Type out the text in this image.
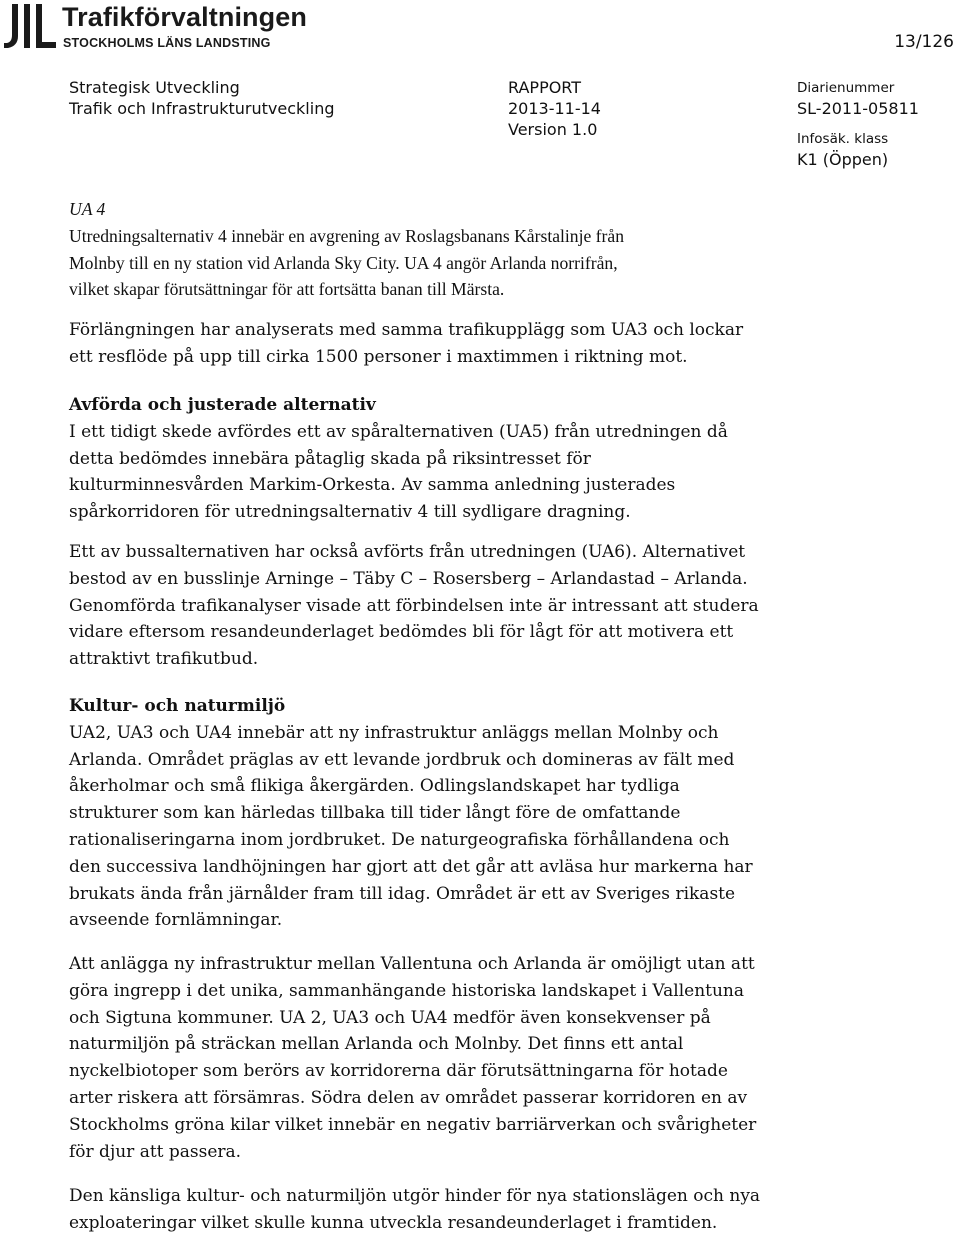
Trafikförvaltningen
STOCKHOLMS LÄNS LANDSTING	13/126
Strategisk Utveckling
Trafik och Infrastrukturutveckling
RAPPORT
2013-11-14
Version 1.0
Diarienummer
SL-2011-05811
Infosäk. klass
K1 (Öppen)

UA 4

Utredningsalternativ 4 innebär en avgrening av Roslagsbanans Kårstalinje från

Molnby till en ny station vid Arlanda Sky City. UA 4 angör Arlanda norrifrån,

vilket skapar förutsättningar för att fortsätta banan till Märsta.

Förlängningen har analyserats med samma trafikupplägg som UA3 och lockar

ett resflöde på upp till cirka 1500 personer i maxtimmen i riktning mot.

Avförda och justerade alternativ

I ett tidigt skede avfördes ett av spåralternativen (UA5) från utredningen då

detta bedömdes innebära påtaglig skada på riksintresset för

kulturminnesvården Markim-Orkesta. Av samma anledning justerades

spårkorridoren för utredningsalternativ 4 till sydligare dragning.

Ett av bussalternativen har också avförts från utredningen (UA6). Alternativet

bestod av en busslinje Arninge – Täby C – Rosersberg – Arlandastad – Arlanda.

Genomförda trafikanalyser visade att förbindelsen inte är intressant att studera

vidare eftersom resandeunderlaget bedömdes bli för lågt för att motivera ett

attraktivt trafikutbud.

Kultur- och naturmiljö

UA2, UA3 och UA4 innebär att ny infrastruktur anläggs mellan Molnby och

Arlanda. Området präglas av ett levande jordbruk och domineras av fält med

åkerholmar och små flikiga åkergärden. Odlingslandskapet har tydliga

strukturer som kan härledas tillbaka till tider långt före de omfattande

rationaliseringarna inom jordbruket. De naturgeografiska förhållandena och

den successiva landhöjningen har gjort att det går att avläsa hur markerna har

brukats ända från järnålder fram till idag. Området är ett av Sveriges rikaste

avseende fornlämningar.

Att anlägga ny infrastruktur mellan Vallentuna och Arlanda är omöjligt utan att

göra ingrepp i det unika, sammanhängande historiska landskapet i Vallentuna

och Sigtuna kommuner. UA 2, UA3 och UA4 medför även konsekvenser på

naturmiljön på sträckan mellan Arlanda och Molnby. Det finns ett antal

nyckelbiotoper som berörs av korridorerna där förutsättningarna för hotade

arter riskera att försämras. Södra delen av området passerar korridoren en av

Stockholms gröna kilar vilket innebär en negativ barriärverkan och svårigheter

för djur att passera.

Den känsliga kultur- och naturmiljön utgör hinder för nya stationslägen och nya

exploateringar vilket skulle kunna utveckla resandeunderlaget i framtiden.
